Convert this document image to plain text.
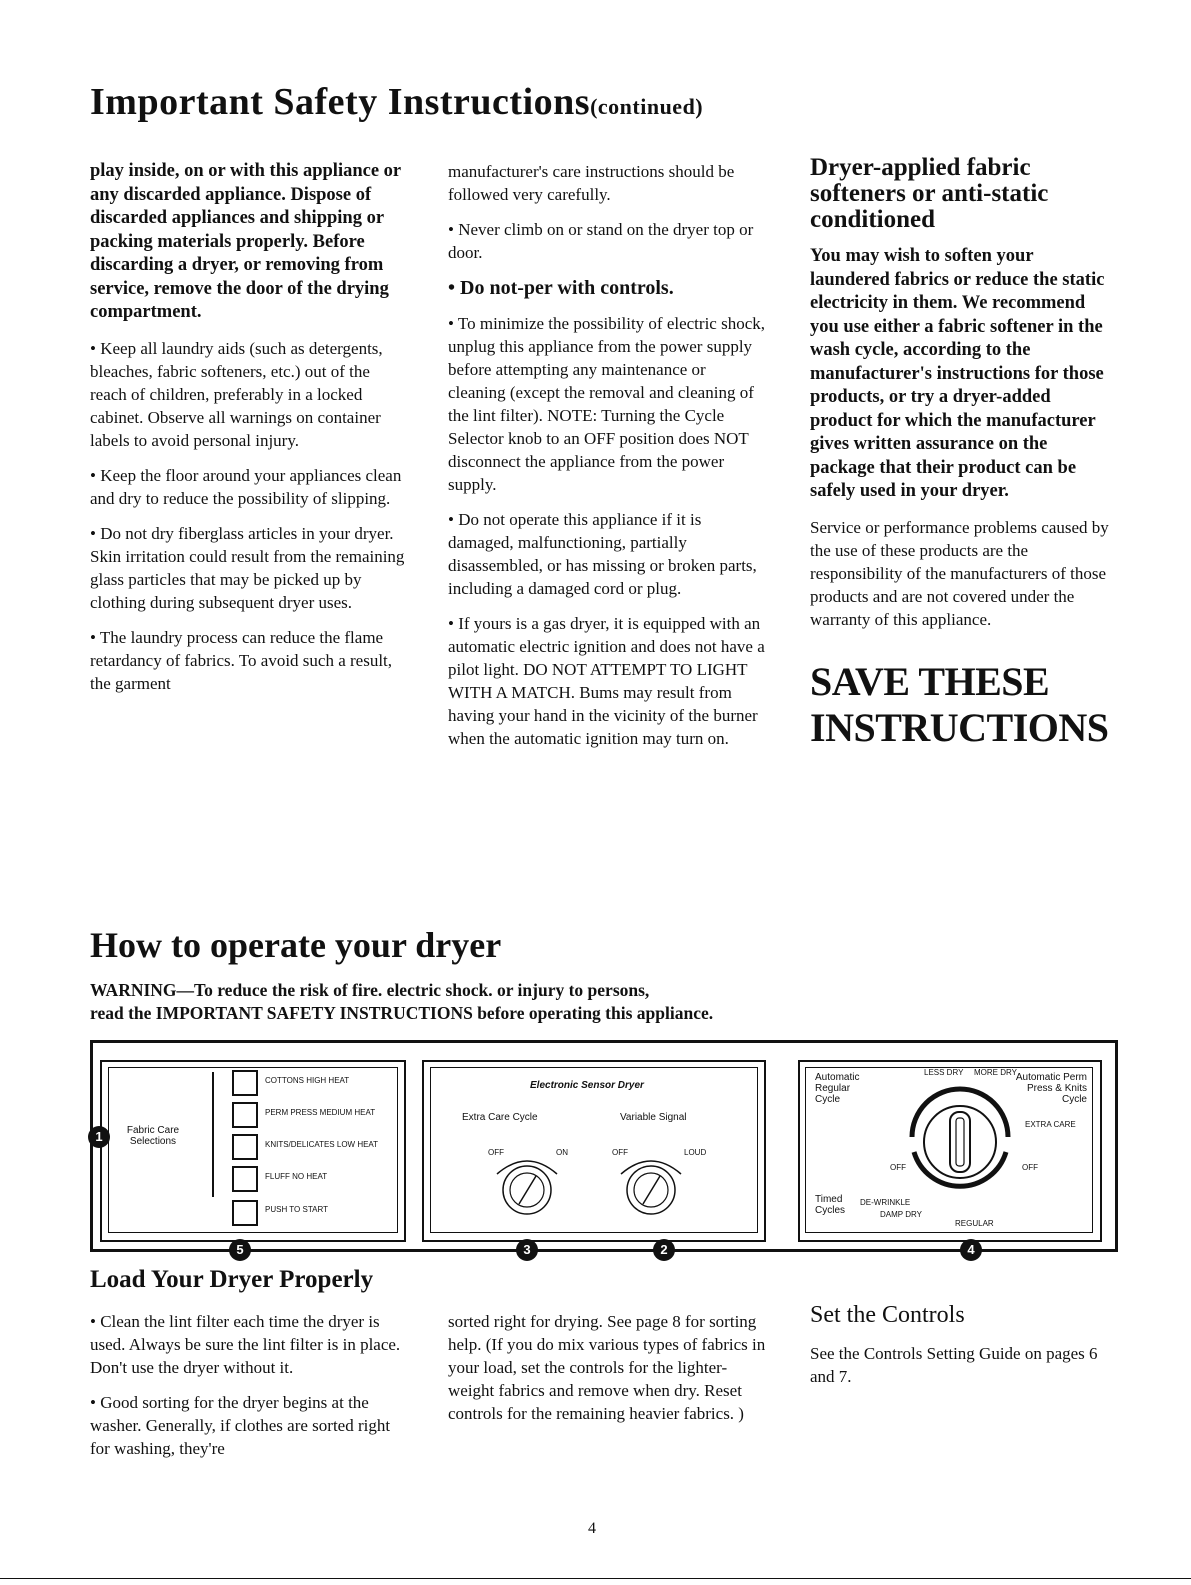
Important Safety Instructions(continued)

play inside, on or with this appliance or any discarded appliance. Dispose of discarded appliances and shipping or packing materials properly. Before discarding a dryer, or removing from service, remove the door of the drying compartment.

• Keep all laundry aids (such as detergents, bleaches, fabric softeners, etc.) out of the reach of children, preferably in a locked cabinet. Observe all warnings on container labels to avoid personal injury.

• Keep the floor around your appliances clean and dry to reduce the possibility of slipping.

• Do not dry fiberglass articles in your dryer. Skin irritation could result from the remaining glass particles that may be picked up by clothing during subsequent dryer uses.

• The laundry process can reduce the flame retardancy of fabrics. To avoid such a result, the garment

manufacturer's care instructions should be followed very carefully.

• Never climb on or stand on the dryer top or door.

• Do not-per with controls.

• To minimize the possibility of electric shock, unplug this appliance from the power supply before attempting any maintenance or cleaning (except the removal and cleaning of the lint filter). NOTE: Turning the Cycle Selector knob to an OFF position does NOT disconnect the appliance from the power supply.

• Do not operate this appliance if it is damaged, malfunctioning, partially disassembled, or has missing or broken parts, including a damaged cord or plug.

• If yours is a gas dryer, it is equipped with an automatic electric ignition and does not have a pilot light. DO NOT ATTEMPT TO LIGHT WITH A MATCH. Bums may result from having your hand in the vicinity of the burner when the automatic ignition may turn on.

Dryer-applied fabric softeners or anti-static conditioned

You may wish to soften your laundered fabrics or reduce the static electricity in them. We recommend you use either a fabric softener in the wash cycle, according to the manufacturer's instructions for those products, or try a dryer-added product for which the manufacturer gives written assurance on the package that their product can be safely used in your dryer.

Service or performance problems caused by the use of these products are the responsibility of the manufacturers of those products and are not covered under the warranty of this appliance.

SAVE THESE
INSTRUCTIONS
How to operate your dryer
WARNING—To reduce the risk of fire. electric shock. or injury to persons,
read the IMPORTANT SAFETY INSTRUCTIONS before operating this appliance.
Fabric Care Selections
COTTONS HIGH HEAT
PERM PRESS MEDIUM HEAT
KNITS/DELICATES LOW HEAT
FLUFF NO HEAT
PUSH TO START
Electronic Sensor Dryer
Extra Care Cycle	Variable Signal
OFF	ON	OFF	LOUD
Automatic Regular Cycle
Automatic Perm Press & Knits Cycle
Timed Cycles
LESS DRY MORE DRY
EXTRA CARE
OFF	OFF
DE-WRINKLE
DAMP DRY
REGULAR
1
5	3	2	4
Load Your Dryer Properly

• Clean the lint filter each time the dryer is used. Always be sure the lint filter is in place. Don't use the dryer without it.

• Good sorting for the dryer begins at the washer. Generally, if clothes are sorted right for washing, they're

sorted right for drying. See page 8 for sorting help. (If you do mix various types of fabrics in your load, set the controls for the lighter-weight fabrics and remove when dry. Reset controls for the remaining heavier fabrics. )

Set the Controls

See the Controls Setting Guide on pages 6 and 7.

4
